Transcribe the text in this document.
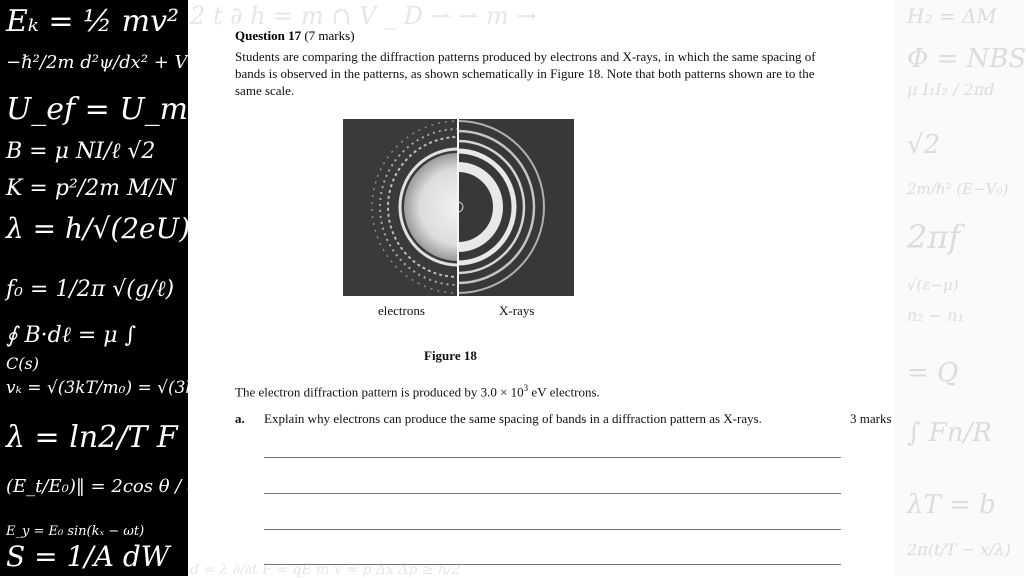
Eₖ = ½ mv²
−ℏ²/2m d²ψ/dx² + Vψ = Eψ
U_ef = U_m
B = μ NI/ℓ √2
K = p²/2m M/N
λ = h/√(2eU)
f₀ = 1/2π √(g/ℓ)
∮ B·dℓ = μ ∫
C(s)
vₖ = √(3kT/m₀) = √(3kTN/M)
λ = ln2/T F
(E_t/E₀)‖ = 2cos θ / cos θ
E_y = E₀ sin(kₓ − ωt)
S = 1/A dW
H₂ = ΔM
Φ = NBS
μ I₁I₂ / 2πd
√2
2m/ℏ² (E−V₀)
2πf
√(ε−μ)
n₂ − n₁
= Q
∫ Fn/R
λT = b
2π(t/T − x/λ)
2 t ∂ h = m ∩ V _ D ⇀ ⇀ m →
d = λ ∂/∂t F = qE m v = p Δx Δp ≥ ℏ/2
Question 17 (7 marks)
Students are comparing the diffraction patterns produced by electrons and X-rays, in which the same spacing of bands is observed in the patterns, as shown schematically in Figure 18. Note that both patterns shown are to the same scale.
electrons	X-rays
Figure 18
The electron diffraction pattern is produced by $3.0 \times 10^3$ eV electrons.
a. Explain why electrons can produce the same spacing of bands in a diffraction pattern as X-rays.	3 marks
